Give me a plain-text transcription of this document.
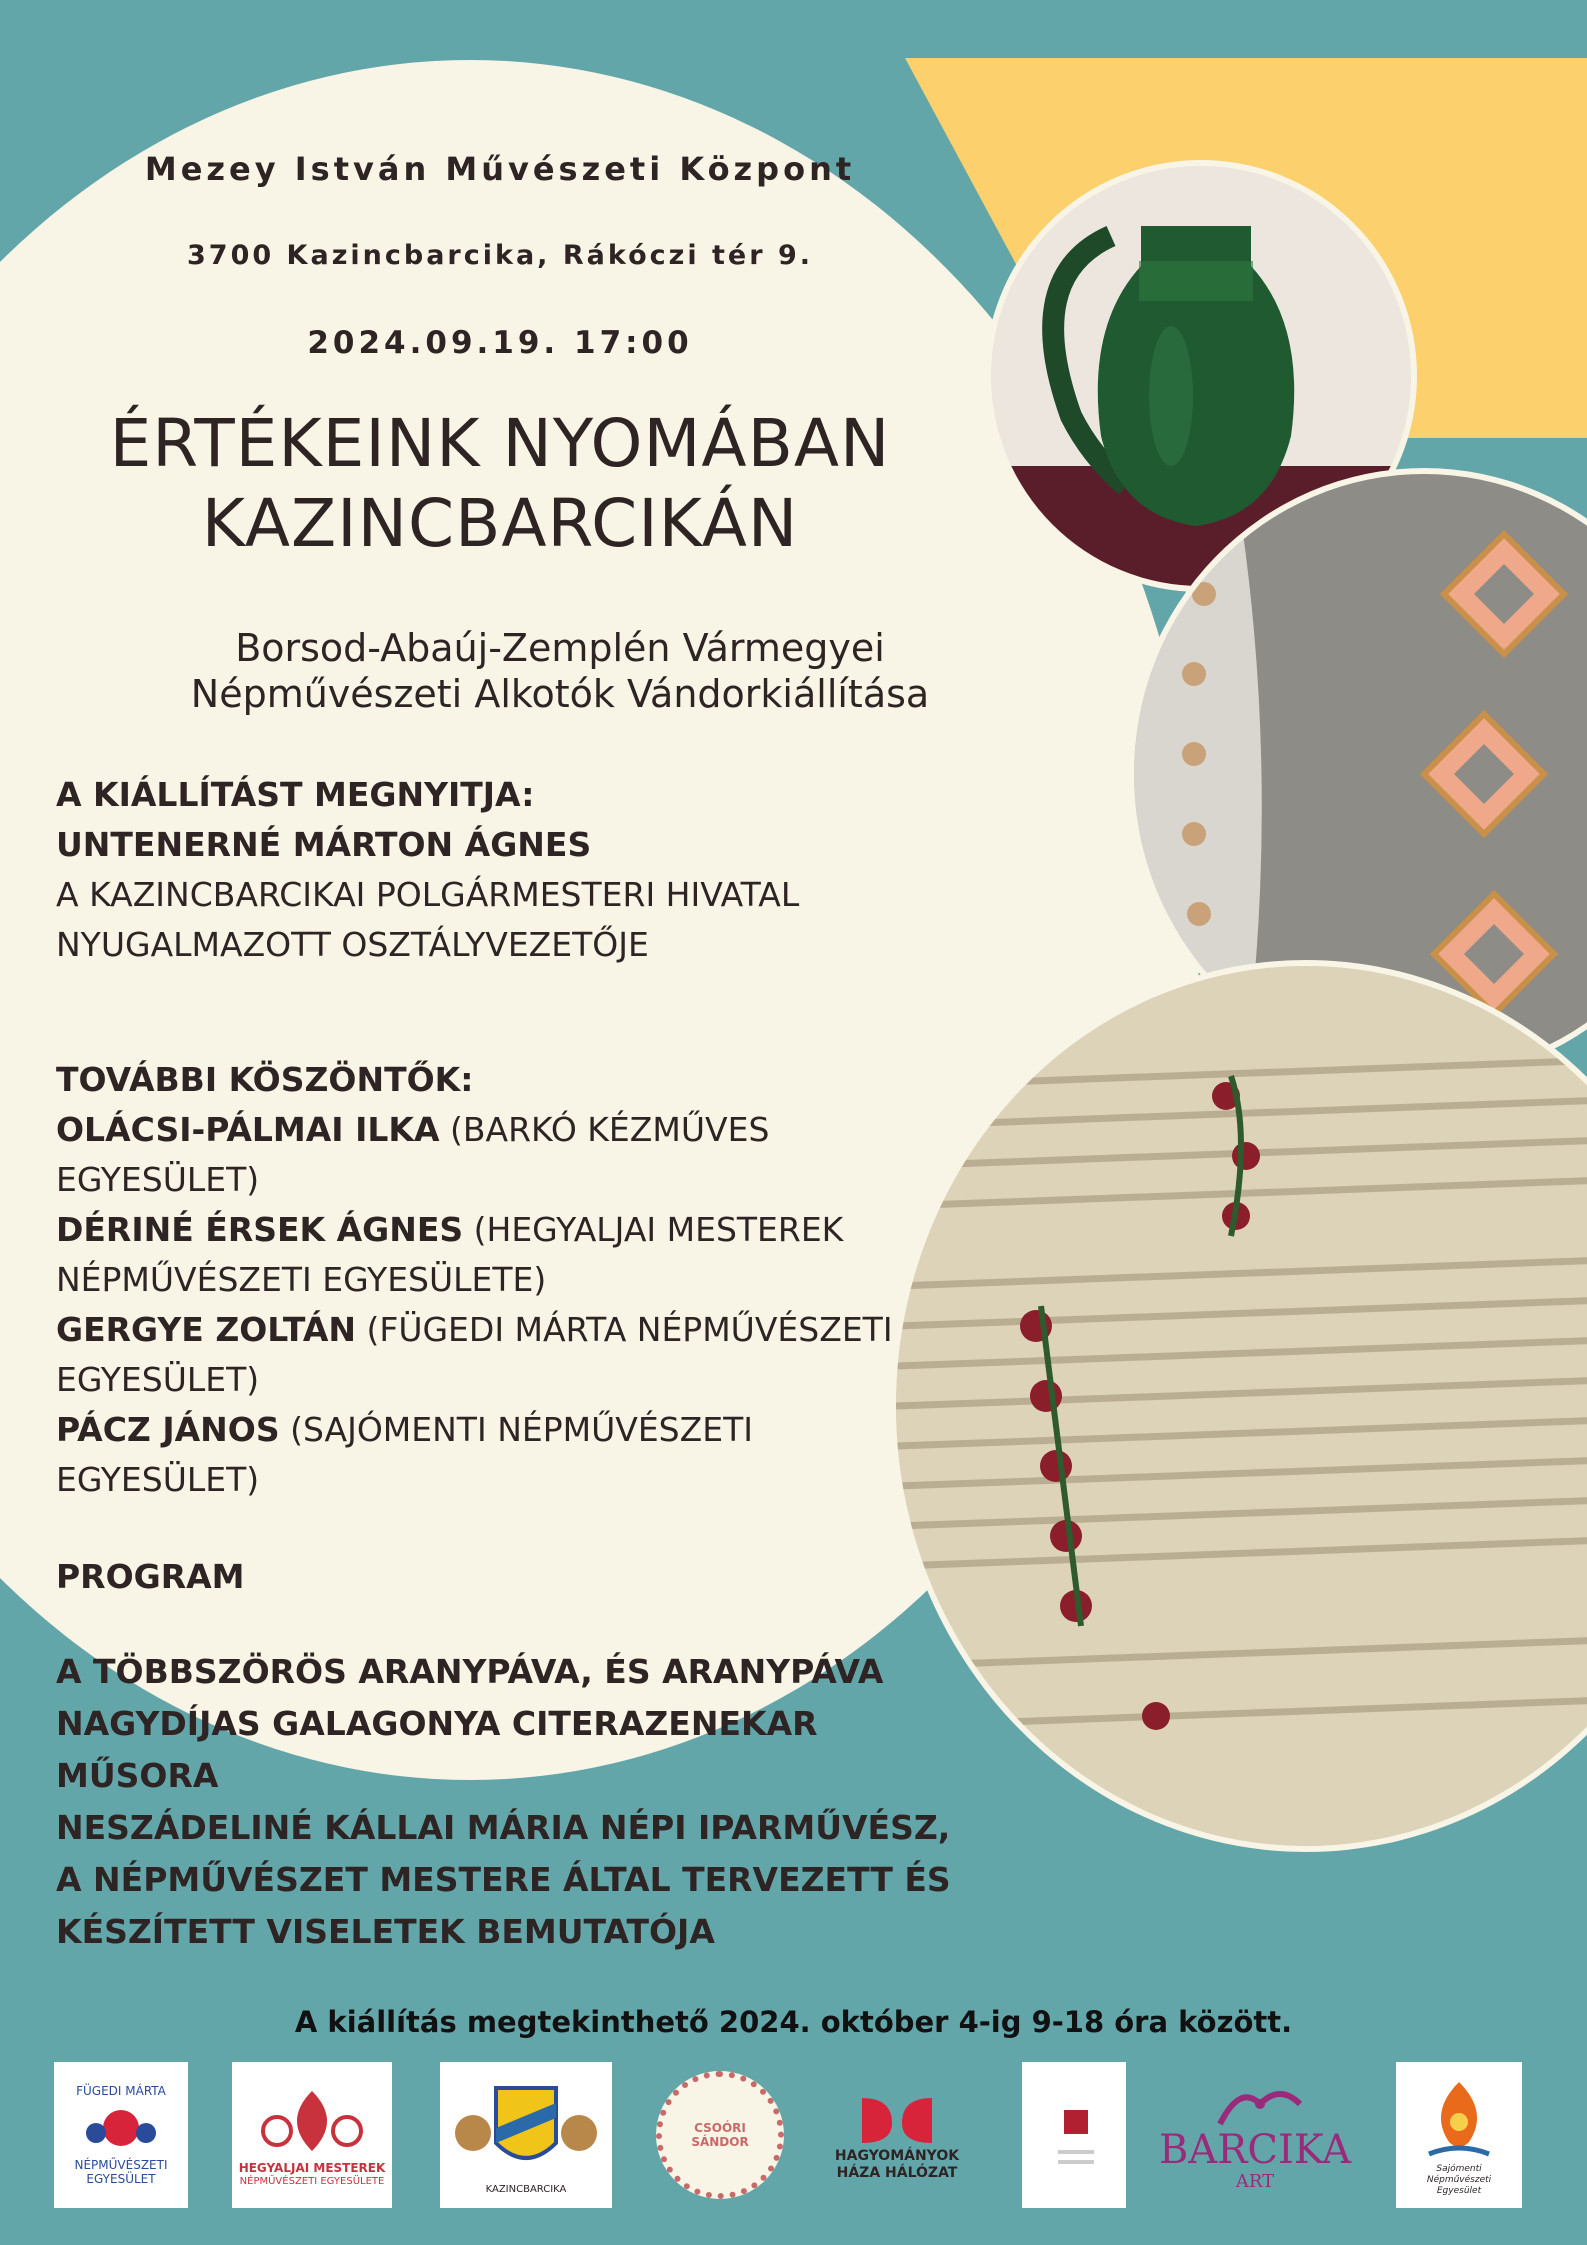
Mezey István Művészeti Központ
3700 Kazincbarcika, Rákóczi tér 9.
2024.09.19. 17:00
ÉRTÉKEINK NYOMÁBAN
KAZINCBARCIKÁN
Borsod-Abaúj-Zemplén Vármegyei
Népművészeti Alkotók Vándorkiállítása
A KIÁLLÍTÁST MEGNYITJA:
UNTENERNÉ MÁRTON ÁGNES
A KAZINCBARCIKAI POLGÁRMESTERI HIVATAL
NYUGALMAZOTT OSZTÁLYVEZETŐJE
TOVÁBBI KÖSZÖNTŐK:
OLÁCSI-PÁLMAI ILKA (BARKÓ KÉZMŰVES
EGYESÜLET)
DÉRINÉ ÉRSEK ÁGNES (HEGYALJAI MESTEREK
NÉPMŰVÉSZETI EGYESÜLETE)
GERGYE ZOLTÁN (FÜGEDI MÁRTA NÉPMŰVÉSZETI
EGYESÜLET)
PÁCZ JÁNOS (SAJÓMENTI NÉPMŰVÉSZETI
EGYESÜLET)
PROGRAM
A TÖBBSZÖRÖS ARANYPÁVA, ÉS ARANYPÁVA
NAGYDÍJAS GALAGONYA CITERAZENEKAR
MŰSORA
NESZÁDELINÉ KÁLLAI MÁRIA NÉPI IPARMŰVÉSZ,
A NÉPMŰVÉSZET MESTERE ÁLTAL TERVEZETT ÉS
KÉSZÍTETT VISELETEK BEMUTATÓJA
A kiállítás megtekinthető 2024. október 4-ig 9-18 óra között.
FÜGEDI MÁRTA
NÉPMŰVÉSZETI EGYESÜLET
HEGYALJAI MESTEREK
NÉPMŰVÉSZETI EGYESÜLETE
KAZINCBARCIKA
CSOÓRI SÁNDOR
HAGYOMÁNYOK HÁZA HÁLÓZAT
BARCIKA
ART
Sajómenti Népművészeti Egyesület
